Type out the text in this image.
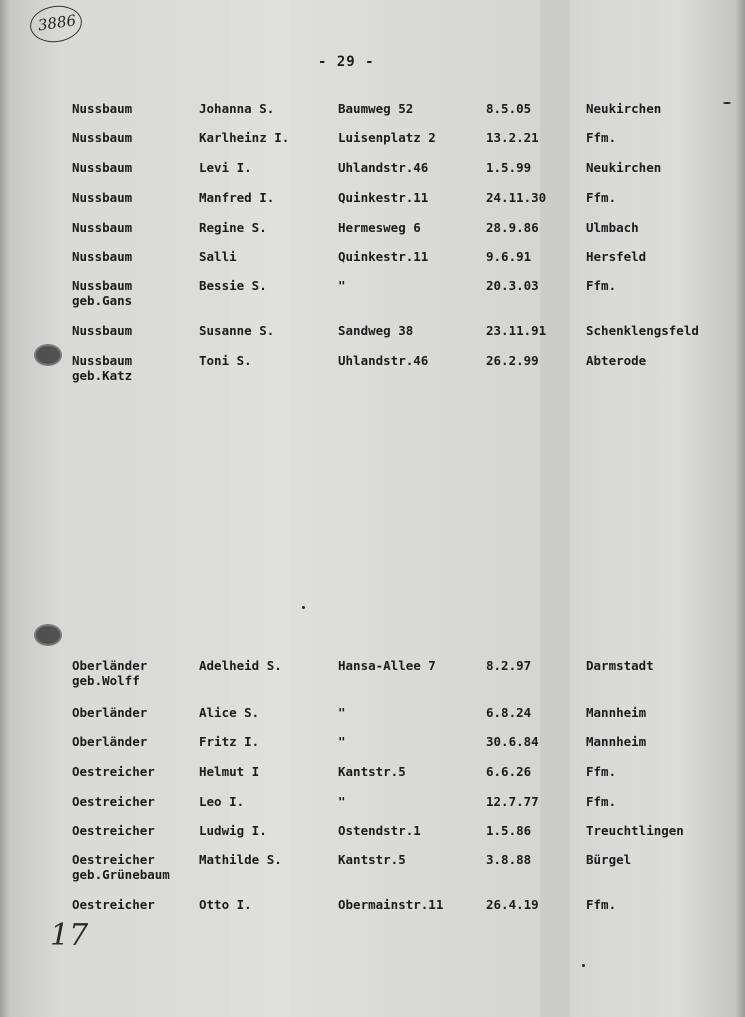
3886
- 29 -
Nussbaum	Johanna S.	Baumweg 52	8.5.05	Neukirchen
Nussbaum	Karlheinz I.	Luisenplatz 2	13.2.21	Ffm.
Nussbaum	Levi I.	Uhlandstr.46	1.5.99	Neukirchen
Nussbaum	Manfred I.	Quinkestr.11	24.11.30	Ffm.
Nussbaum	Regine S.	Hermesweg 6	28.9.86	Ulmbach
Nussbaum	Salli	Quinkestr.11	9.6.91	Hersfeld
Nussbaum	Bessie S.	"	20.3.03	Ffm.
geb.Gans
Nussbaum	Susanne S.	Sandweg 38	23.11.91	Schenklengsfeld
Nussbaum	Toni S.	Uhlandstr.46	26.2.99	Abterode
geb.Katz
Oberländer	Adelheid S.	Hansa-Allee 7	8.2.97	Darmstadt
geb.Wolff
Oberländer	Alice S.	"	6.8.24	Mannheim
Oberländer	Fritz I.	"	30.6.84	Mannheim
Oestreicher	Helmut I	Kantstr.5	6.6.26	Ffm.
Oestreicher	Leo I.	"	12.7.77	Ffm.
Oestreicher	Ludwig I.	Ostendstr.1	1.5.86	Treuchtlingen
Oestreicher	Mathilde S.	Kantstr.5	3.8.88	Bürgel
geb.Grünebaum
Oestreicher	Otto I.	Obermainstr.11	26.4.19	Ffm.
17
